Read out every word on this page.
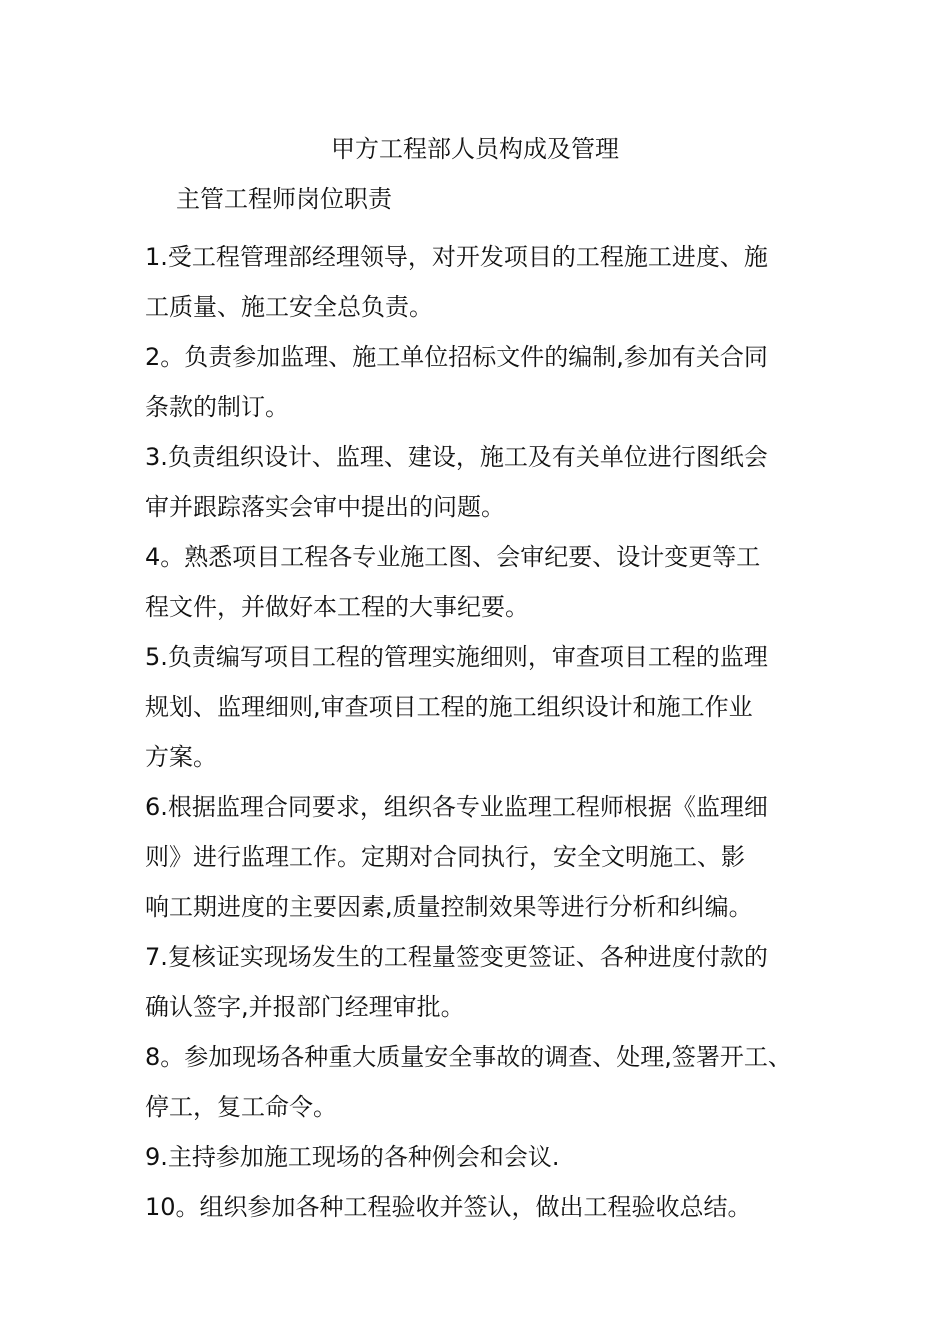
甲方工程部人员构成及管理
主管工程师岗位职责
1.受工程管理部经理领导，对开发项目的工程施工进度、施
工质量、施工安全总负责。
2。负责参加监理、施工单位招标文件的编制,参加有关合同
条款的制订。
3.负责组织设计、监理、建设，施工及有关单位进行图纸会
审并跟踪落实会审中提出的问题。
4。熟悉项目工程各专业施工图、会审纪要、设计变更等工
程文件，并做好本工程的大事纪要。
5.负责编写项目工程的管理实施细则，审查项目工程的监理
规划、监理细则,审查项目工程的施工组织设计和施工作业
方案。
6.根据监理合同要求，组织各专业监理工程师根据《监理细
则》进行监理工作。定期对合同执行，安全文明施工、影
响工期进度的主要因素,质量控制效果等进行分析和纠编。
7.复核证实现场发生的工程量签变更签证、各种进度付款的
确认签字,并报部门经理审批。
8。参加现场各种重大质量安全事故的调查、处理,签署开工、
停工，复工命令。
9.主持参加施工现场的各种例会和会议.
10。组织参加各种工程验收并签认，做出工程验收总结。
